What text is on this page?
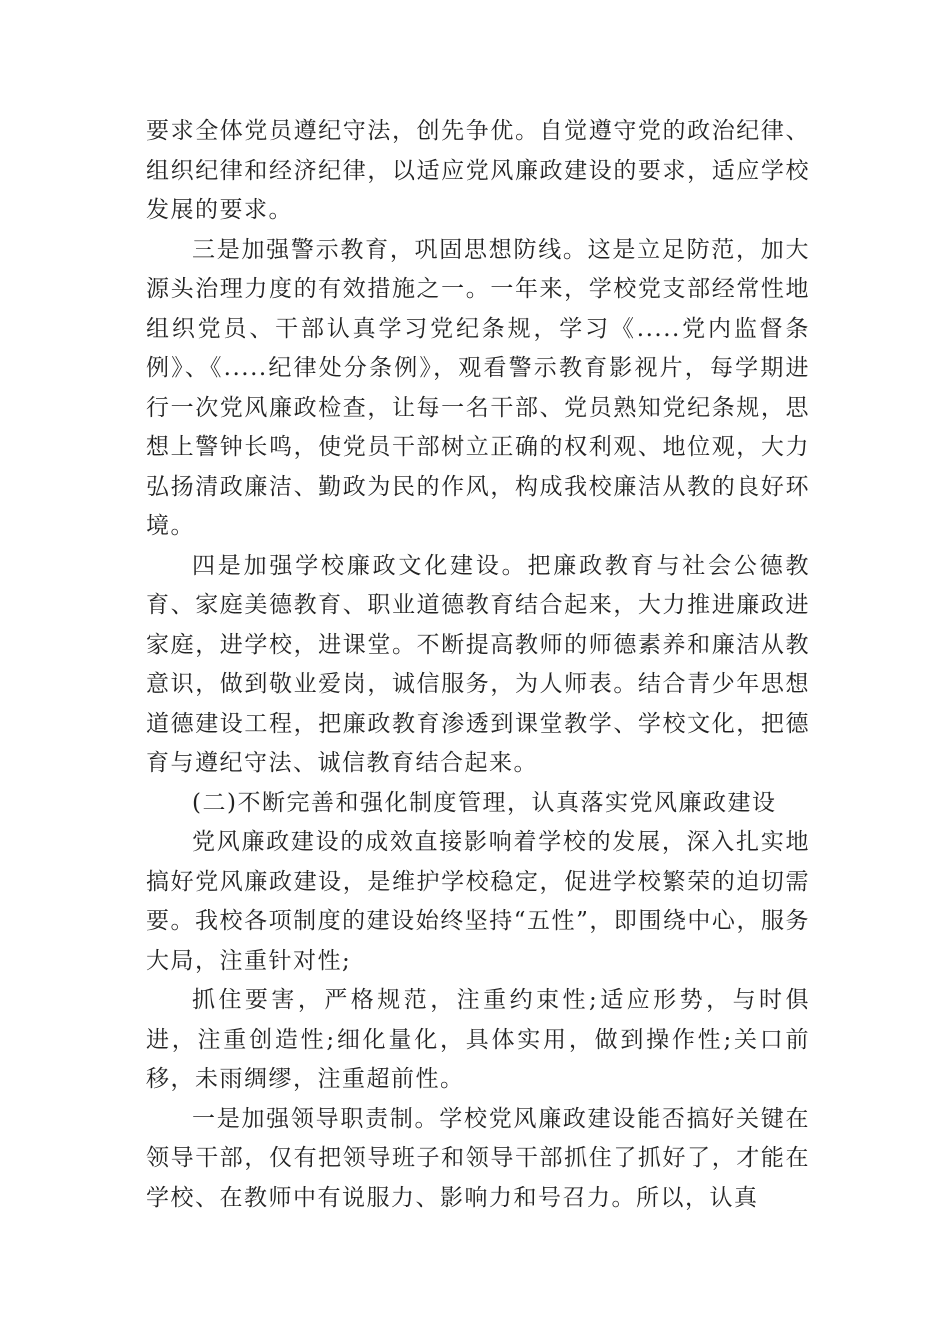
要求全体党员遵纪守法，创先争优。自觉遵守党的政治纪律、组织纪律和经济纪律，以适应党风廉政建设的要求，适应学校发展的要求。

三是加强警示教育，巩固思想防线。这是立足防范，加大源头治理力度的有效措施之一。一年来，学校党支部经常性地组织党员、干部认真学习党纪条规，学习《.....党内监督条例》、《.....纪律处分条例》，观看警示教育影视片，每学期进行一次党风廉政检查，让每一名干部、党员熟知党纪条规，思想上警钟长鸣，使党员干部树立正确的权利观、地位观，大力弘扬清政廉洁、勤政为民的作风，构成我校廉洁从教的良好环境。

四是加强学校廉政文化建设。把廉政教育与社会公德教育、家庭美德教育、职业道德教育结合起来，大力推进廉政进家庭，进学校，进课堂。不断提高教师的师德素养和廉洁从教意识，做到敬业爱岗，诚信服务，为人师表。结合青少年思想道德建设工程，把廉政教育渗透到课堂教学、学校文化，把德育与遵纪守法、诚信教育结合起来。

(二)不断完善和强化制度管理，认真落实党风廉政建设

党风廉政建设的成效直接影响着学校的发展，深入扎实地搞好党风廉政建设，是维护学校稳定，促进学校繁荣的迫切需要。我校各项制度的建设始终坚持“五性”，即围绕中心，服务大局，注重针对性;

抓住要害，严格规范，注重约束性;适应形势，与时俱进，注重创造性;细化量化，具体实用，做到操作性;关口前移，未雨绸缪，注重超前性。

一是加强领导职责制。学校党风廉政建设能否搞好关键在领导干部，仅有把领导班子和领导干部抓住了抓好了，才能在学校、在教师中有说服力、影响力和号召力。所以，认真
